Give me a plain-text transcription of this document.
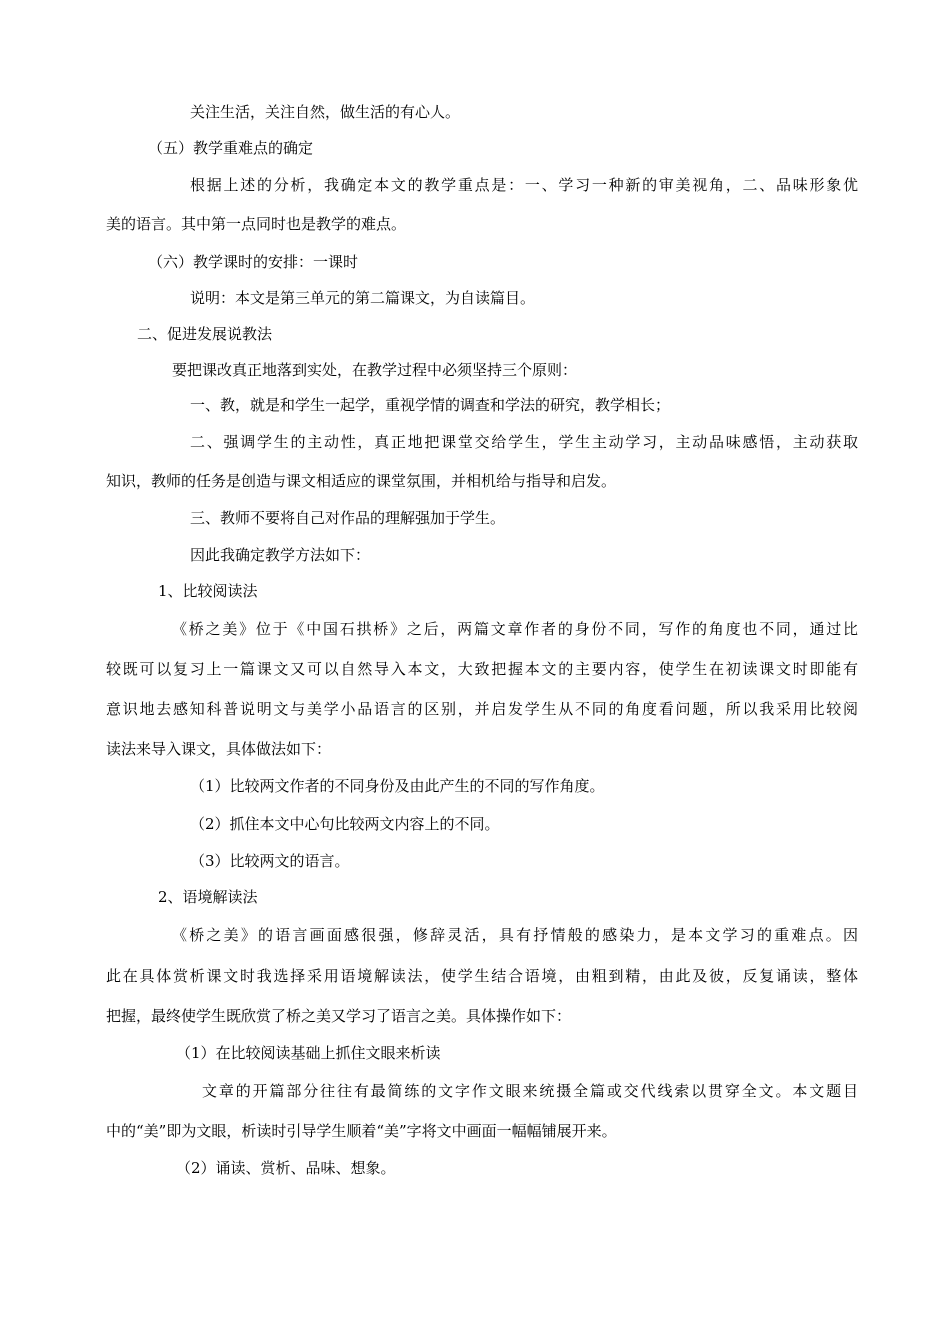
关注生活，关注自然，做生活的有心人。
（五）教学重难点的确定
根据上述的分析，我确定本文的教学重点是：一、学习一种新的审美视角，二、品味形象优
美的语言。其中第一点同时也是教学的难点。
（六）教学课时的安排：一课时
说明：本文是第三单元的第二篇课文，为自读篇目。
二、促进发展说教法
要把课改真正地落到实处，在教学过程中必须坚持三个原则：
一、教，就是和学生一起学，重视学情的调查和学法的研究，教学相长；
二、强调学生的主动性，真正地把课堂交给学生，学生主动学习，主动品味感悟，主动获取
知识，教师的任务是创造与课文相适应的课堂氛围，并相机给与指导和启发。
三、教师不要将自己对作品的理解强加于学生。
因此我确定教学方法如下：
1、比较阅读法
《桥之美》位于《中国石拱桥》之后，两篇文章作者的身份不同，写作的角度也不同，通过比
较既可以复习上一篇课文又可以自然导入本文，大致把握本文的主要内容，使学生在初读课文时即能有
意识地去感知科普说明文与美学小品语言的区别，并启发学生从不同的角度看问题，所以我采用比较阅
读法来导入课文，具体做法如下：
（1）比较两文作者的不同身份及由此产生的不同的写作角度。
（2）抓住本文中心句比较两文内容上的不同。
（3）比较两文的语言。
2、语境解读法
《桥之美》的语言画面感很强，修辞灵活，具有抒情般的感染力，是本文学习的重难点。因
此在具体赏析课文时我选择采用语境解读法，使学生结合语境，由粗到精，由此及彼，反复诵读，整体
把握，最终使学生既欣赏了桥之美又学习了语言之美。具体操作如下：
（1）在比较阅读基础上抓住文眼来析读
文章的开篇部分往往有最简练的文字作文眼来统摄全篇或交代线索以贯穿全文。本文题目
中的“美”即为文眼，析读时引导学生顺着“美”字将文中画面一幅幅铺展开来。
（2）诵读、赏析、品味、想象。
